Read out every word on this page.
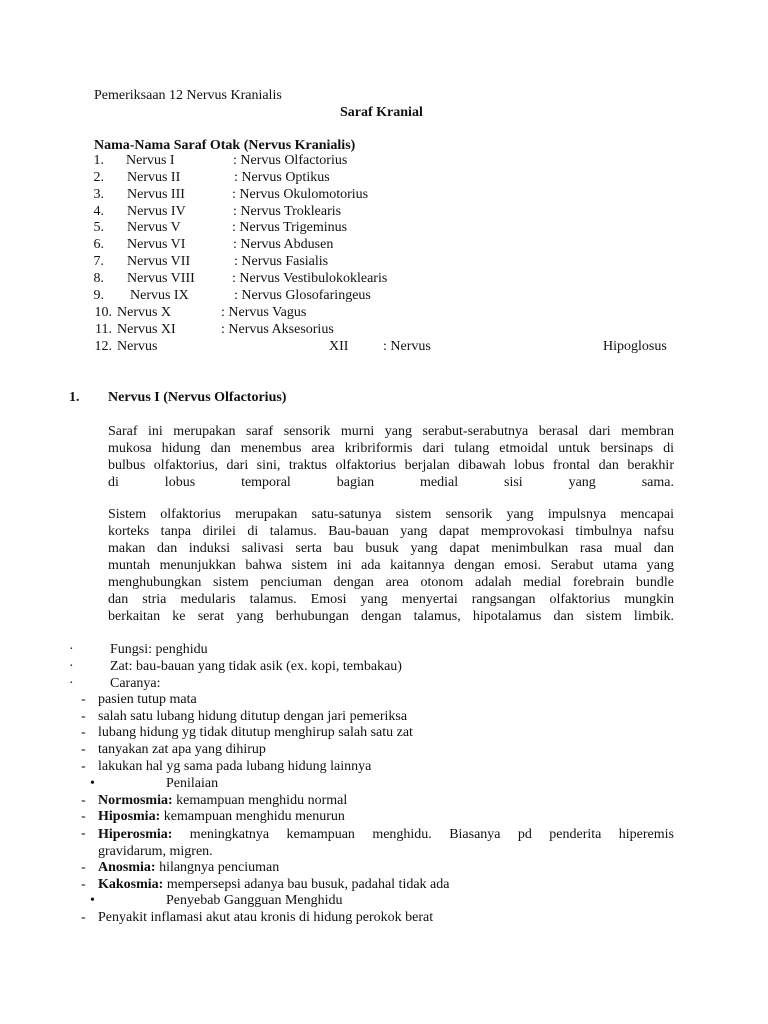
Pemeriksaan 12 Nervus Kranialis
Saraf Kranial
Nama-Nama Saraf Otak (Nervus Kranialis)
1. Nervus I	: Nervus Olfactorius
2. Nervus II	: Nervus Optikus
3. Nervus III	: Nervus Okulomotorius
4. Nervus IV	: Nervus Troklearis
5. Nervus V	: Nervus Trigeminus
6. Nervus VI	: Nervus Abdusen
7. Nervus VII	: Nervus Fasialis
8. Nervus VIII	: Nervus Vestibulokoklearis
9. Nervus IX	: Nervus Glosofaringeus
10. Nervus X	: Nervus Vagus
11. Nervus XI	: Nervus Aksesorius
12. Nervus	XII : Nervus	Hipoglosus
1. Nervus I (Nervus Olfactorius)
Saraf ini merupakan saraf sensorik murni yang serabut-serabutnya berasal dari membran
mukosa hidung dan menembus area kribriformis dari tulang etmoidal untuk bersinaps di
bulbus olfaktorius, dari sini, traktus olfaktorius berjalan dibawah lobus frontal dan berakhir
di lobus temporal bagian medial sisi yang sama.
Sistem olfaktorius merupakan satu-satunya sistem sensorik yang impulsnya mencapai
korteks tanpa dirilei di talamus. Bau-bauan yang dapat memprovokasi timbulnya nafsu
makan dan induksi salivasi serta bau busuk yang dapat menimbulkan rasa mual dan
muntah menunjukkan bahwa sistem ini ada kaitannya dengan emosi. Serabut utama yang
menghubungkan sistem penciuman dengan area otonom adalah medial forebrain bundle
dan stria medularis talamus. Emosi yang menyertai rangsangan olfaktorius mungkin
berkaitan ke serat yang berhubungan dengan talamus, hipotalamus dan sistem limbik.
·	Fungsi: penghidu
·	Zat: bau-bauan yang tidak asik (ex. kopi, tembakau)
·	Caranya:
- pasien tutup mata
- salah satu lubang hidung ditutup dengan jari pemeriksa
- lubang hidung yg tidak ditutup menghirup salah satu zat
- tanyakan zat apa yang dihirup
- lakukan hal yg sama pada lubang hidung lainnya
•	Penilaian
- Normosmia: kemampuan menghidu normal
- Hiposmia: kemampuan menghidu menurun
- Hiperosmia: meningkatnya kemampuan menghidu. Biasanya pd penderita hiperemis
gravidarum, migren.
- Anosmia: hilangnya penciuman
- Kakosmia: mempersepsi adanya bau busuk, padahal tidak ada
•	Penyebab Gangguan Menghidu
- Penyakit inflamasi akut atau kronis di hidung perokok berat
